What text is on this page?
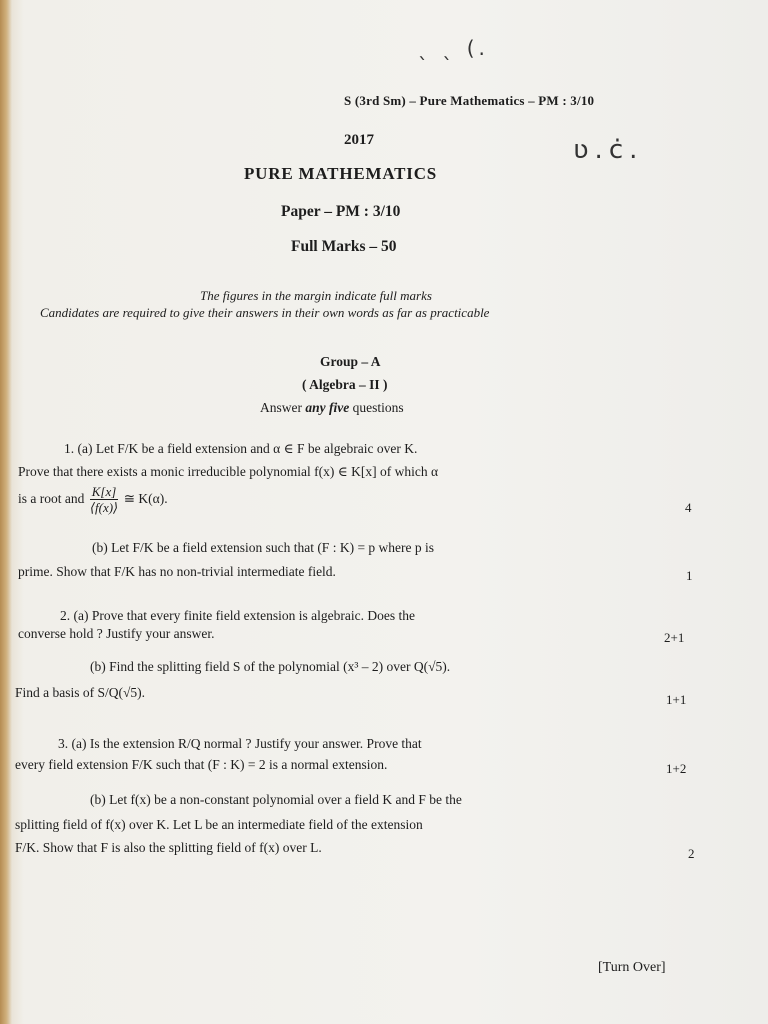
ˎ ˎ (.
ʋ.ċ.
S (3rd Sm) – Pure Mathematics – PM : 3/10
2017
PURE MATHEMATICS
Paper – PM : 3/10
Full Marks – 50
The figures in the margin indicate full marks
Candidates are required to give their answers in their own words as far as practicable
Group – A
( Algebra – II )
Answer any five questions
1. (a) Let F/K be a field extension and α ∈ F be algebraic over K.
Prove that there exists a monic irreducible polynomial f(x) ∈ K[x] of which α
is a root and $\frac{K[x]}{⟨f(x)⟩}$ ≅ K(α).
4
(b) Let F/K be a field extension such that (F : K) = p where p is
prime. Show that F/K has no non-trivial intermediate field.	1
2. (a) Prove that every finite field extension is algebraic. Does the
converse hold ? Justify your answer.	2+1
(b) Find the splitting field S of the polynomial (x³ – 2) over Q(√5).
Find a basis of S/Q(√5).	1+1
3. (a) Is the extension R/Q normal ? Justify your answer. Prove that
every field extension F/K such that (F : K) = 2 is a normal extension.	1+2
(b) Let f(x) be a non-constant polynomial over a field K and F be the
splitting field of f(x) over K. Let L be an intermediate field of the extension
F/K. Show that F is also the splitting field of f(x) over L.	2
[Turn Over]
